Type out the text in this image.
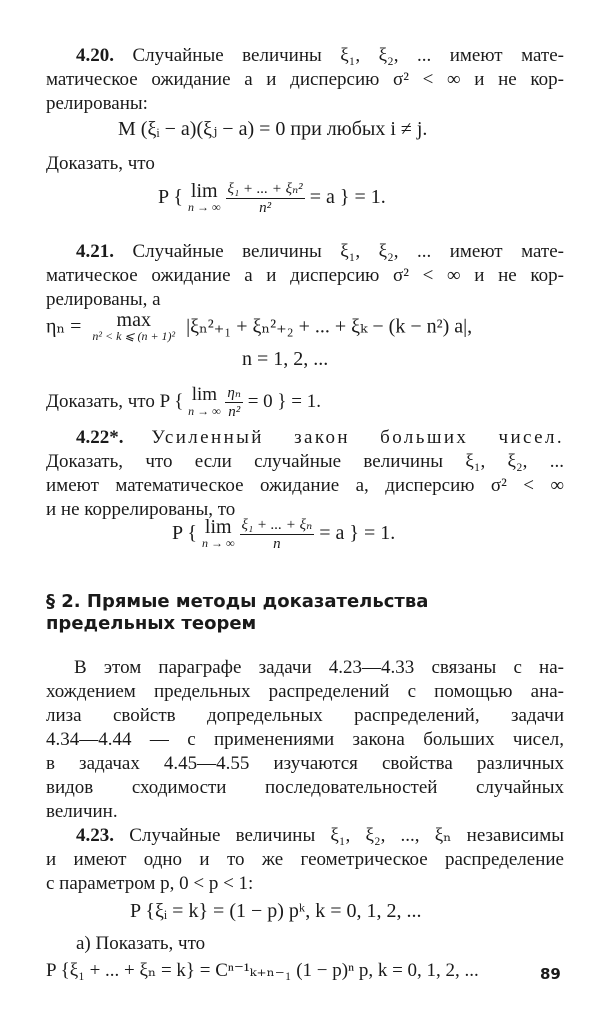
4.20. Случайные величины ξ₁, ξ₂, ... имеют мате-
матическое ожидание a и дисперсию σ² < ∞ и не кор-
релированы:
M (ξᵢ − a)(ξⱼ − a) = 0 при любых i ≠ j.
Доказать, что
P { lim
n → ∞
$\frac{\text{ξ₁ + ... + ξₙ²}}{\text{n²}} = a$ } = 1.
4.21. Случайные величины ξ₁, ξ₂, ... имеют мате-
матическое ожидание a и дисперсию σ² < ∞ и не кор-
релированы, а
ηₙ = max
n² < k ⩽ (n + 1)² |ξₙ²₊₁ + ξₙ²₊₂ + ... + ξₖ − (k − n²) a|,
n = 1, 2, ...
Доказать, что P { lim
n → ∞
$\frac{\text{ηₙ}}{\text{n²}} = 0$ } = 1.
4.22*. Усиленный закон больших чисел.
Доказать, что если случайные величины ξ₁, ξ₂, ...
имеют математическое ожидание a, дисперсию σ² < ∞
и не коррелированы, то
P { lim
n → ∞
$\frac{\text{ξ₁ + ... + ξₙ}}{n} = a$ } = 1.
§ 2. Прямые методы доказательства
предельных теорем
В этом параграфе задачи 4.23—4.33 связаны с на-
хождением предельных распределений с помощью ана-
лиза свойств допредельных распределений, задачи
4.34—4.44 — с применениями закона больших чисел,
в задачах 4.45—4.55 изучаются свойства различных
видов сходимости последовательностей случайных
величин.
4.23. Случайные величины ξ₁, ξ₂, ..., ξₙ независимы
и имеют одно и то же геометрическое распределение
с параметром p, 0 < p < 1:
P {ξᵢ = k} = (1 − p) pᵏ, k = 0, 1, 2, ...
а) Показать, что
P {ξ₁ + ... + ξₙ = k} = Cⁿ⁻¹ₖ₊ₙ₋₁ (1 − p)ⁿ p, k = 0, 1, 2, ...	89
